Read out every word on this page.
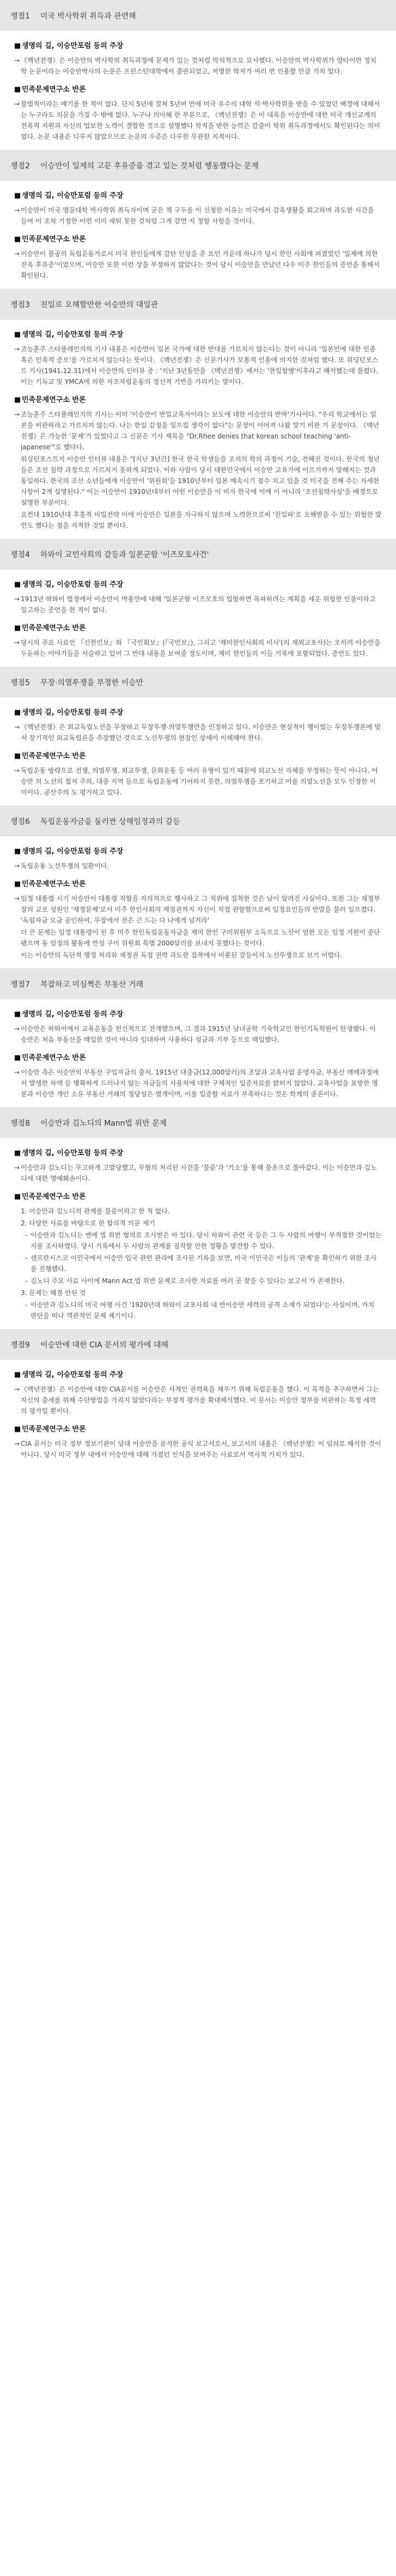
쟁점1	미국 박사학위 취득과 관련해
■ 생명의 길, 이승만포럼 등의 주장
→ 《백년전쟁》은 이승만의 박사학위 취득과정에 문제가 있는 것처럼 악의적으로 묘사했다. 이승만의 박사학위가 양타이만 정치학 논문이라는 이승만박사의 논문은 프린스턴대학에서 출판되었고, 저명한 학자가 여러 번 인용할 만큼 가치 있다.
■ 민족문제연구소 반론
→ 불법적이라는 얘기를 한 적이 없다. 단지 5년에 걸쳐 5년여 만에 미국 유수의 대학 석·박사학위를 받을 수 있었던 배경에 대해서는 누구라도 의문을 가질 수 밖에 없다. 누구나 의아해 한 부분으로, 《백년전쟁》은 이 대목을 이승만에 대한 미국 개신교계의 전폭적 지원과 자신의 업보한 노력이 결합한 것으로 설명했다 학적을 받한 능력은 감출이 학위 취득과정에서도 확인된다는 의미였다. 논문 내용은 다루지 않았으므로 논문의 수준은 다루한 무관한 지적이다.
쟁점2	이승만이 일제의 고문 후유증을 겪고 있는 것처럼 행동했다는 문제
■ 생명의 길, 이승만포럼 등의 주장
→ 이승만이 미국 명문대학 박사학위 취득자이며 굳은 책 구두를 이 신청한 이유는 미국에서 감옥생활을 회고하며 과도한 시간을 들여 이 조차 기정한 어떤 이미 세워 못한 것처럼 그게 감면 지 정할 사항을 것이다.
■ 민족문제연구소 반론
→ 이승만이 불공의 독립운동가로서 미국 한인들에게 감탄 인상을 준 요인 가운데 하나가 당시 한인 사회에 퍼졌었던 '일제에 의한 잔옥 후유증'이었으며, 이승만 또한 이런 상을 부정하지 않았다는 것이 당시 이승만을 만났던 다수 미주 한인들의 증언을 통해서 확인된다.
쟁점3	친일로 오해할만한 이승만의 대일관
■ 생명의 길, 이승만포럼 등의 주장
→ 조능훈주 스타플레인지의 기사 내용은 이승만이 일본 국가에 대한 반대를 가르치지 않는다는 것이 아니라 '일본인에 대한 인종 혹은 민족적 증오'를 가르치지 않는다는 뜻이다. 《백년전쟁》은 신문기사가 보통적 인용에 의지한 것처럼 했다. 또 위딩턴포스트 기사(1941.12.31)에서 이승만의 인터뷰 중 : '지난 3년동안을 《백년전쟁》에서는 '한일합병'이후라고 해석했는데 틀렸다. 이는 기독교 및 YMCA에 의한 자조자립운동의 정신적 기반을 가리키는 말이다.
■ 민족문제연구소 반론
→ 조능훈주 스타플레인지의 기사는 이미 '이승만이 반일교육자이라는 보도에 대한 이승만의 반박'기사이다. "우리 학교에서는 일본을 비판하라고 가르치지 않는다. 나는 한일 감정을 일으킬 생각이 없다"는 문장이 이어져 나왔 맞기 비판 기 문장이다. 《백년전쟁》은 가능한 '문제'가 있었다고 그 신문은 기사 제목을 "Dr.Rhee denies that korean school teaching 'anti-japanese'"로 했다다.
워싱턴포스트지 이승만 인터뷰 내용은 "[지난 3년간] 한국 한국 학생들을 조지의 학의 과정이 기술, 전해진 것이다. 한국의 청년들은 조선 침략 과정으로 가르치지 못하게 되었다. 이하 사람이 당시 대한민국에서 이승만 교육가에 이르기까지 말해지는 것과 동일하다. 한국의 조선 소년들에게 이승만이 '위원회'들 1910년부터 일본 예속시기 점수 치고 있을 것 미국을 전해 주는 자세한 사항이 2개 설명된다." 이는 이승만이 1910년대부터 어떤 이승만을 이 비자 한국에 이에 이 아니라 '조선침략사상'을 배경으로 설명한 부분이다.
요컨대 1910년대 후흥적 비밀전략 이에 이승만은 일본을 자극하지 않으며 노력한으로써 '친일파'로 오해받을 수 있는 위험한 발언도 했다는 점을 지적한 것일 뿐이다.
쟁점4	하와이 교민사회의 갈등과 일본군함 '이즈모호사건'
■ 생명의 길, 이승만포럼 등의 주장
→ 1913년 하와이 법정에서 이승만이 박용만에 대해 '일본군함 이즈모호의 입항하면 폭파하려는 계획을 세운 위험한 인물이라고 밀고하는 증언을 한 적이 없다.
■ 민족문제연구소 반론
→ 당시의 주요 사료인 『신한민보』와 『국민회보』(『국민보』), 그리고 '재미한인사회의 비사'(의 재외교포사)는 오히려 이승만을 두둔하는 이야기들을 서술하고 있어 그 반대 내용을 보여줄 정도이며, 재미 한인들의 이들 기록에 포함되었다. 증언도 있다.
쟁점5	무장·의열투쟁을 부정한 이승만
■ 생명의 길, 이승만포럼 등의 주장
→ 《백년전쟁》은 외교독립노선을 무장하고 무장투쟁·의열투쟁만을 인정하고 있다. 이승만은 현실적이 행이었는 무장투쟁론에 맞서 장기적인 외교독립론을 주장했던 것으로 노선투쟁의 현장인 상세이 이해해야 한다.
■ 민족문제연구소 반론
→ 독립운동 방략으로 전쟁, 의열투쟁, 외교투쟁, 문화운동 등 여러 유형이 있기 때문에 외교노선 자체를 부정하는 뜻이 아니다. 이승만 의 노선의 철저 주의, 대중 지역 등으로 독립운동에 기여하지 못한, 의열투쟁을 포기하고 이를 의열노선을 모두 인정한 이미이다. 공산주의 도 평가하고 있다.
쟁점6	독립운동자금을 둘러싼 상해임정과의 갈등
■ 생명의 길, 이승만포럼 등의 주장
→ 독립운동 노선투쟁의 일환이다.
■ 민족문제연구소 반론
→ 임정 대통령 시기 이승만이 대통령 직함을 자의적으로 행사하고 그 직위에 집착한 것은 남이 알려진 사실이다. 또한 그는 재정부장의 교포 성원인 '재정문제'로서 미주 한인사회의 재정권까지 자신이 직접 관할함으로써 임정요인들의 반발을 불러 일으켰다. '독립자금 모금 공인하여, 무장에서 전은 근 드는 다 나에게 넘겨라'
더 큰 문제는 임정 대통령이 된 후 미주 한인독립운동자금을 재미 한인 구미위원부 소득으로 노선이 엄한 모든 임정 지원이 중단됐으며 동 임정의 활동에 반성 구미 위원회 특별 2000달러를 보내지 못했다는 것이다.
이는 이승만의 독단적 행정 처리와 재정권 독점 권력 과도한 집착에서 비롯된 갈등이지 노선투쟁으로 보기 어렵다.
쟁점7	복잡하고 미심쩍은 부동산 거래
■ 생명의 길, 이승만포럼 등의 주장
→ 이승만은 하와이에서 교육운동을 헌신적으로 전개했으며, 그 결과 1915년 남녀공학 기숙학교인 한인기독학원이 탄생했다. 이승만은 처음 부동산을 매입한 것이 아니라 임대하여 사용하다 성금과 기부 등으로 매입했다.
■ 민족문제연구소 반론
→ 이승만 측은 이승만의 부동산 구입자금의 출처, 1915년 대출금(12,000달러)의 조달과 교육사업 운영자금, 부동산 매매과정에서 발생한 차액 등 명확하게 드러나지 않는 자금들의 사용처에 대한 구체적인 입증자료를 밝히지 않았다. 교육사업을 표방한 명분과 이승만 개인 소유 부동산 거래의 정당성은 별개이며, 이를 입증할 자료가 부족하다는 것은 학계의 중론이다.
쟁점8	이승만과 김노디의 Mann법 위반 문제
■ 생명의 길, 이승만포럼 등의 주장
→ 이승만과 김노디는 무고하게 고발당했고, 무혐의 처리된 사건을 '불륜'과 '기소'를 통해 불온으로 몰아갔다. 이는 이승만과 김노디에 대한 명예훼손이다.
■ 민족문제연구소 반론
1. 이승만과 김노디의 관계를 불륜이라고 한 적 없다.
2. 다양한 사료를 바탕으로 한 합리적 의문 제기
- 이승만과 김노디는 맨에 법 위반 혐의로 조사받은 바 있다. 당시 하와이 관련 국 등은 그 두 사람의 여행이 부적절한 것이었는지를 조사하였다. 당시 기록에서 두 사람의 관계를 짐작할 만한 정황을 발견할 수 있다.
- 샌프란시스코 이민국에서 이승만 입국 관련 관리에 조사된 기록을 보면, 미국 이민국은 이들의 '관계'를 확인하기 위한 조사를 진행했다.
- 김노디 주요 사료 사이에 Mann Act 법 위반 문제로 조사한 자료를 여러 곳 찾을 수 있다는 보고서 가 존재한다.
3. 문제는 해결 안된 것
- 이승만과 김노디의 미국 여행 사건 '1920년대 하와이 교포사회 내 반이승만 세력의 공격 소재가 되었다'는 사실이며, 가치 판단을 떠나 객관적인 문제 제기이다.
쟁점9	이승만에 대한 CIA 문서의 평가에 대해
■ 생명의 길, 이승만포럼 등의 주장
→ 《백년전쟁》은 이승만에 대한 CIA문서를 이승만은 사적인 권력욕을 채우기 위해 독립운동을 했다. 이 목적을 추구하면서 그는 자신의 출세를 위해 수단방법을 가리지 않았다라는 부정적 평가를 확대해석했다. 이 문서는 이승만 정부를 비판하는 특정 세력의 평가일 뿐이다.
■ 민족문제연구소 반론
→ CIA 문서는 미국 정부 정보기관이 당대 이승만을 분석한 공식 보고서로서, 보고서의 내용은 《백년전쟁》이 임의로 해석한 것이 아니다. 당시 미국 정부 내에서 이승만에 대해 가졌던 인식을 보여주는 사료로서 역사적 가치가 있다.
